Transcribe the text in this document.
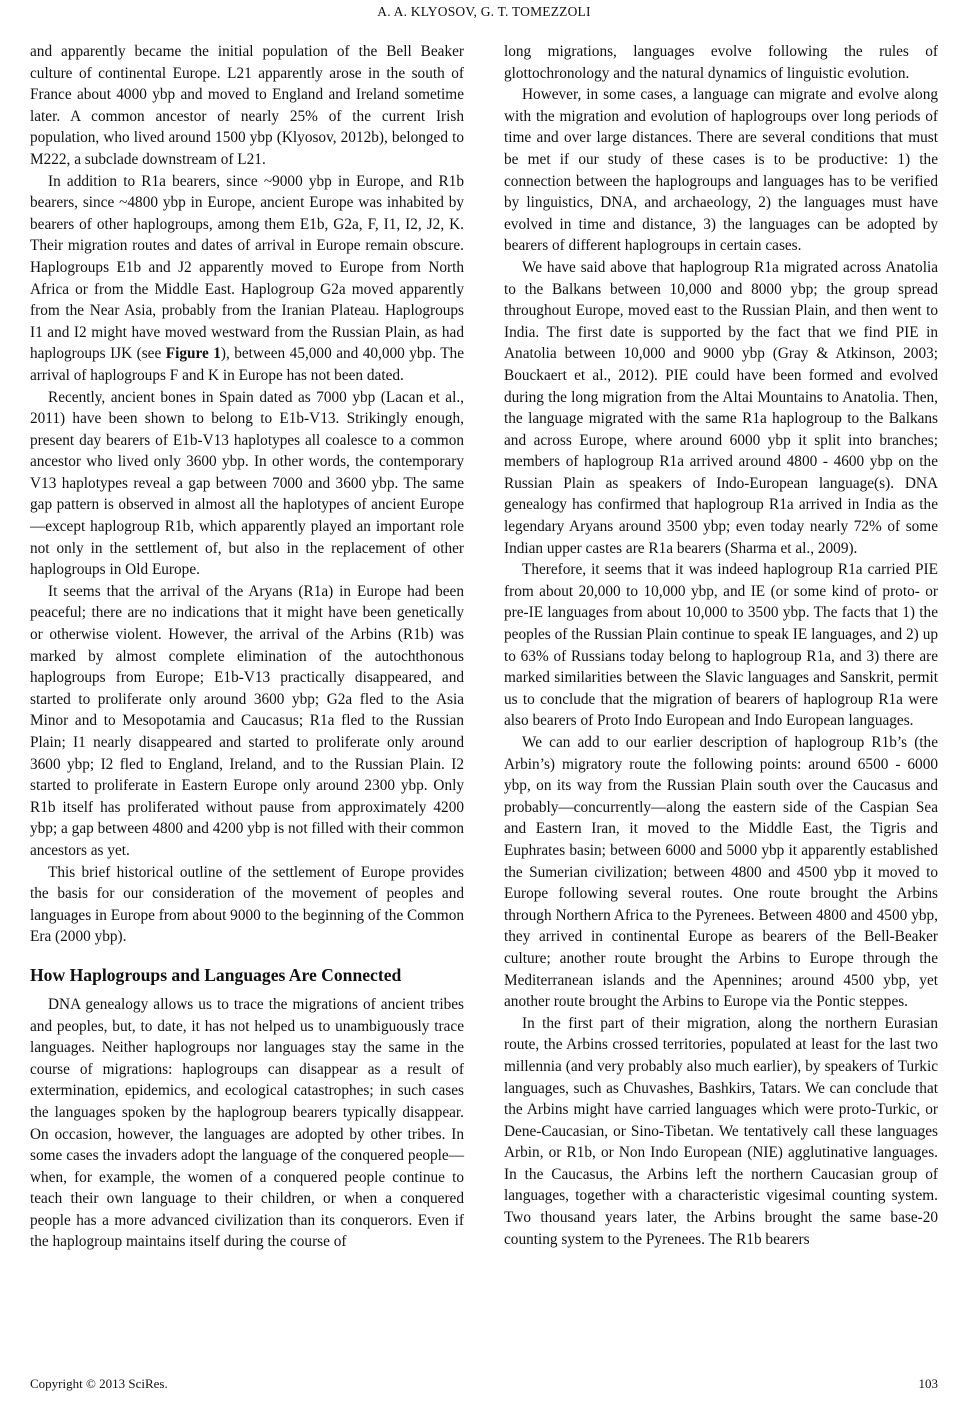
A. A. KLYOSOV, G. T. TOMEZZOLI

and apparently became the initial population of the Bell Beaker culture of continental Europe. L21 apparently arose in the south of France about 4000 ybp and moved to England and Ireland sometime later. A common ancestor of nearly 25% of the current Irish population, who lived around 1500 ybp (Klyosov, 2012b), belonged to M222, a subclade downstream of L21.

In addition to R1a bearers, since ~9000 ybp in Europe, and R1b bearers, since ~4800 ybp in Europe, ancient Europe was inhabited by bearers of other haplogroups, among them E1b, G2a, F, I1, I2, J2, K. Their migration routes and dates of arrival in Europe remain obscure. Haplogroups E1b and J2 apparently moved to Europe from North Africa or from the Middle East. Haplogroup G2a moved apparently from the Near Asia, probably from the Iranian Plateau. Haplogroups I1 and I2 might have moved westward from the Russian Plain, as had haplogroups IJK (see Figure 1), between 45,000 and 40,000 ybp. The arrival of haplogroups F and K in Europe has not been dated.

Recently, ancient bones in Spain dated as 7000 ybp (Lacan et al., 2011) have been shown to belong to E1b-V13. Strikingly enough, present day bearers of E1b-V13 haplotypes all coalesce to a common ancestor who lived only 3600 ybp. In other words, the contemporary V13 haplotypes reveal a gap between 7000 and 3600 ybp. The same gap pattern is observed in almost all the haplotypes of ancient Europe—except haplogroup R1b, which apparently played an important role not only in the settlement of, but also in the replacement of other haplogroups in Old Europe.

It seems that the arrival of the Aryans (R1a) in Europe had been peaceful; there are no indications that it might have been genetically or otherwise violent. However, the arrival of the Arbins (R1b) was marked by almost complete elimination of the autochthonous haplogroups from Europe; E1b-V13 practically disappeared, and started to proliferate only around 3600 ybp; G2a fled to the Asia Minor and to Mesopotamia and Caucasus; R1a fled to the Russian Plain; I1 nearly disappeared and started to proliferate only around 3600 ybp; I2 fled to England, Ireland, and to the Russian Plain. I2 started to proliferate in Eastern Europe only around 2300 ybp. Only R1b itself has proliferated without pause from approximately 4200 ybp; a gap between 4800 and 4200 ybp is not filled with their common ancestors as yet.

This brief historical outline of the settlement of Europe provides the basis for our consideration of the movement of peoples and languages in Europe from about 9000 to the beginning of the Common Era (2000 ybp).

How Haplogroups and Languages Are Connected

DNA genealogy allows us to trace the migrations of ancient tribes and peoples, but, to date, it has not helped us to unambiguously trace languages. Neither haplogroups nor languages stay the same in the course of migrations: haplogroups can disappear as a result of extermination, epidemics, and ecological catastrophes; in such cases the languages spoken by the haplogroup bearers typically disappear. On occasion, however, the languages are adopted by other tribes. In some cases the invaders adopt the language of the conquered people—when, for example, the women of a conquered people continue to teach their own language to their children, or when a conquered people has a more advanced civilization than its conquerors. Even if the haplogroup maintains itself during the course of

long migrations, languages evolve following the rules of glottochronology and the natural dynamics of linguistic evolution.

However, in some cases, a language can migrate and evolve along with the migration and evolution of haplogroups over long periods of time and over large distances. There are several conditions that must be met if our study of these cases is to be productive: 1) the connection between the haplogroups and languages has to be verified by linguistics, DNA, and archaeology, 2) the languages must have evolved in time and distance, 3) the languages can be adopted by bearers of different haplogroups in certain cases.

We have said above that haplogroup R1a migrated across Anatolia to the Balkans between 10,000 and 8000 ybp; the group spread throughout Europe, moved east to the Russian Plain, and then went to India. The first date is supported by the fact that we find PIE in Anatolia between 10,000 and 9000 ybp (Gray & Atkinson, 2003; Bouckaert et al., 2012). PIE could have been formed and evolved during the long migration from the Altai Mountains to Anatolia. Then, the language migrated with the same R1a haplogroup to the Balkans and across Europe, where around 6000 ybp it split into branches; members of haplogroup R1a arrived around 4800 - 4600 ybp on the Russian Plain as speakers of Indo-European language(s). DNA genealogy has confirmed that haplogroup R1a arrived in India as the legendary Aryans around 3500 ybp; even today nearly 72% of some Indian upper castes are R1a bearers (Sharma et al., 2009).

Therefore, it seems that it was indeed haplogroup R1a carried PIE from about 20,000 to 10,000 ybp, and IE (or some kind of proto- or pre-IE languages from about 10,000 to 3500 ybp. The facts that 1) the peoples of the Russian Plain continue to speak IE languages, and 2) up to 63% of Russians today belong to haplogroup R1a, and 3) there are marked similarities between the Slavic languages and Sanskrit, permit us to conclude that the migration of bearers of haplogroup R1a were also bearers of Proto Indo European and Indo European languages.

We can add to our earlier description of haplogroup R1b’s (the Arbin’s) migratory route the following points: around 6500 - 6000 ybp, on its way from the Russian Plain south over the Caucasus and probably—concurrently—along the eastern side of the Caspian Sea and Eastern Iran, it moved to the Middle East, the Tigris and Euphrates basin; between 6000 and 5000 ybp it apparently established the Sumerian civilization; between 4800 and 4500 ybp it moved to Europe following several routes. One route brought the Arbins through Northern Africa to the Pyrenees. Between 4800 and 4500 ybp, they arrived in continental Europe as bearers of the Bell-Beaker culture; another route brought the Arbins to Europe through the Mediterranean islands and the Apennines; around 4500 ybp, yet another route brought the Arbins to Europe via the Pontic steppes.

In the first part of their migration, along the northern Eurasian route, the Arbins crossed territories, populated at least for the last two millennia (and very probably also much earlier), by speakers of Turkic languages, such as Chuvashes, Bashkirs, Tatars. We can conclude that the Arbins might have carried languages which were proto-Turkic, or Dene-Caucasian, or Sino-Tibetan. We tentatively call these languages Arbin, or R1b, or Non Indo European (NIE) agglutinative languages. In the Caucasus, the Arbins left the northern Caucasian group of languages, together with a characteristic vigesimal counting system. Two thousand years later, the Arbins brought the same base-20 counting system to the Pyrenees. The R1b bearers

Copyright © 2013 SciRes.	103
